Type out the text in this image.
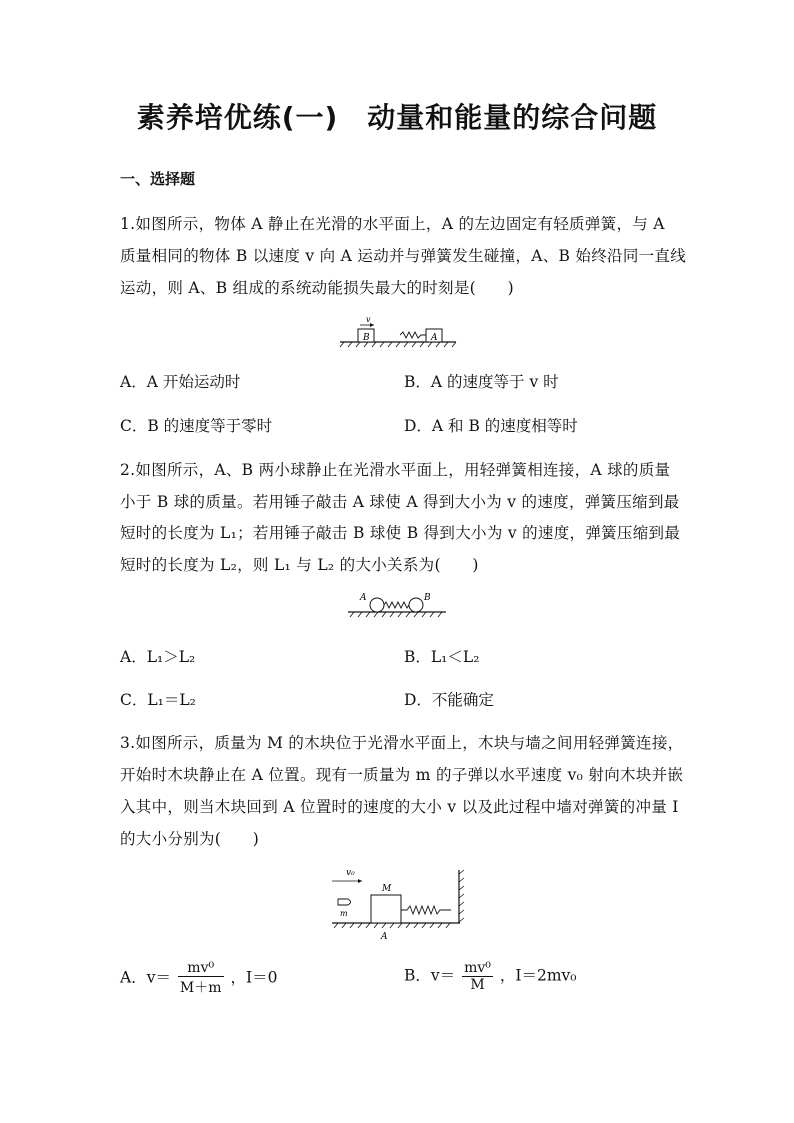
素养培优练(一)　动量和能量的综合问题
一、选择题
1.如图所示，物体 A 静止在光滑的水平面上，A 的左边固定有轻质弹簧，与 A
质量相同的物体 B 以速度 v 向 A 运动并与弹簧发生碰撞，A、B 始终沿同一直线
运动，则 A、B 组成的系统动能损失最大的时刻是(　　)
B
v
A
A．A 开始运动时	B．A 的速度等于 v 时
C．B 的速度等于零时	D．A 和 B 的速度相等时
2.如图所示，A、B 两小球静止在光滑水平面上，用轻弹簧相连接，A 球的质量
小于 B 球的质量。若用锤子敲击 A 球使 A 得到大小为 v 的速度，弹簧压缩到最
短时的长度为 L₁；若用锤子敲击 B 球使 B 得到大小为 v 的速度，弹簧压缩到最
短时的长度为 L₂，则 L₁ 与 L₂ 的大小关系为(　　)
A	B
A．L₁＞L₂	B．L₁＜L₂
C．L₁＝L₂	D．不能确定
3.如图所示，质量为 M 的木块位于光滑水平面上，木块与墙之间用轻弹簧连接，
开始时木块静止在 A 位置。现有一质量为 m 的子弹以水平速度 v₀ 射向木块并嵌
入其中，则当木块回到 A 位置时的速度的大小 v 以及此过程中墙对弹簧的冲量 I
的大小分别为(　　)
v₀
m
M
A
A．$v= \frac{\text{mv⁰}}{M+m}$ ，I＝0	B．$v= \frac{\text{mv⁰}}{M}$ ，I＝2mv₀
